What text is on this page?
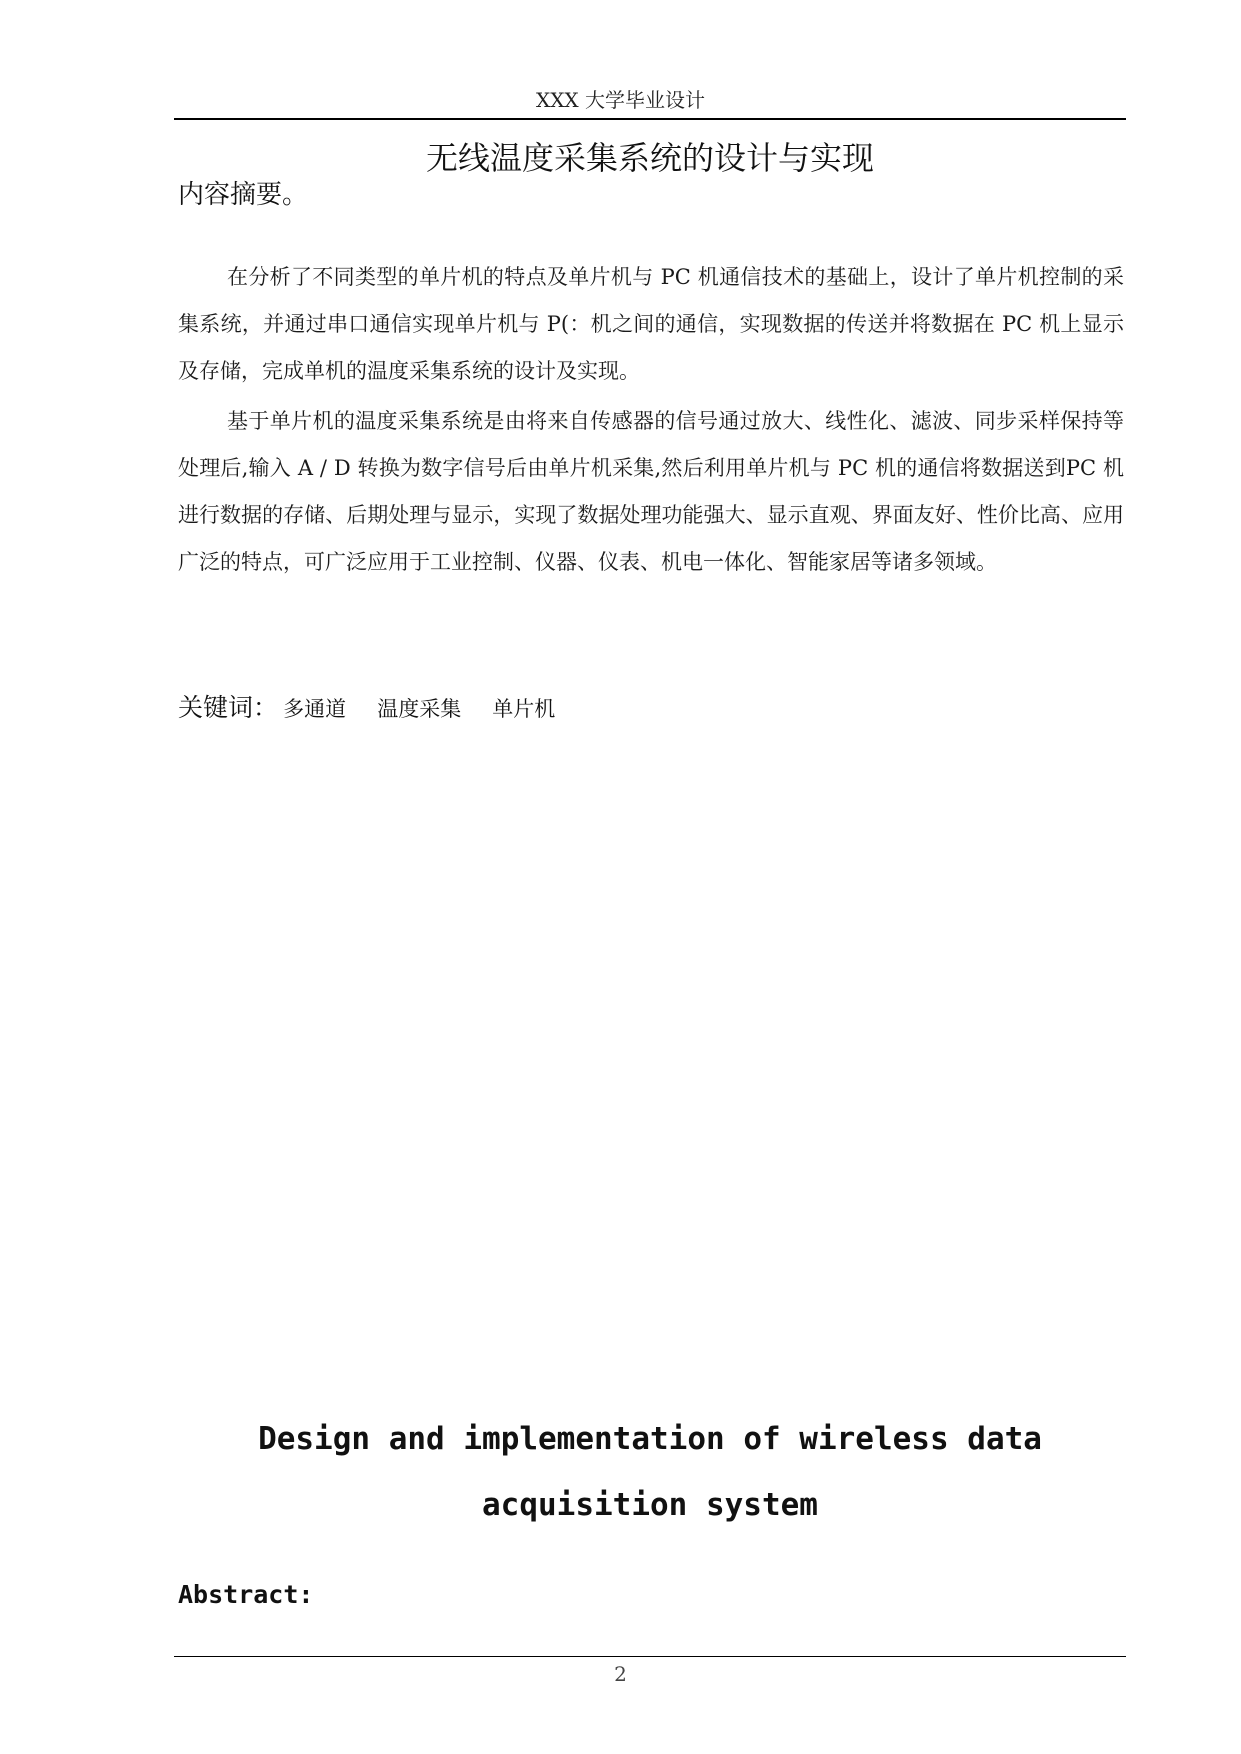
XXX 大学毕业设计
无线温度采集系统的设计与实现
内容摘要。

在分析了不同类型的单片机的特点及单片机与 PC 机通信技术的基础上，设计了单片机控制的采集系统，并通过串口通信实现单片机与 P(：机之间的通信，实现数据的传送并将数据在 PC 机上显示及存储，完成单机的温度采集系统的设计及实现。

基于单片机的温度采集系统是由将来自传感器的信号通过放大、线性化、滤波、同步采样保持等处理后,输入 A / D 转换为数字信号后由单片机采集,然后利用单片机与 PC 机的通信将数据送到PC 机进行数据的存储、后期处理与显示，实现了数据处理功能强大、显示直观、界面友好、性价比高、应用广泛的特点，可广泛应用于工业控制、仪器、仪表、机电一体化、智能家居等诸多领域。

关键词： 多通道 温度采集 单片机
Design and implementation of wireless data acquisition system
Abstract:
2
